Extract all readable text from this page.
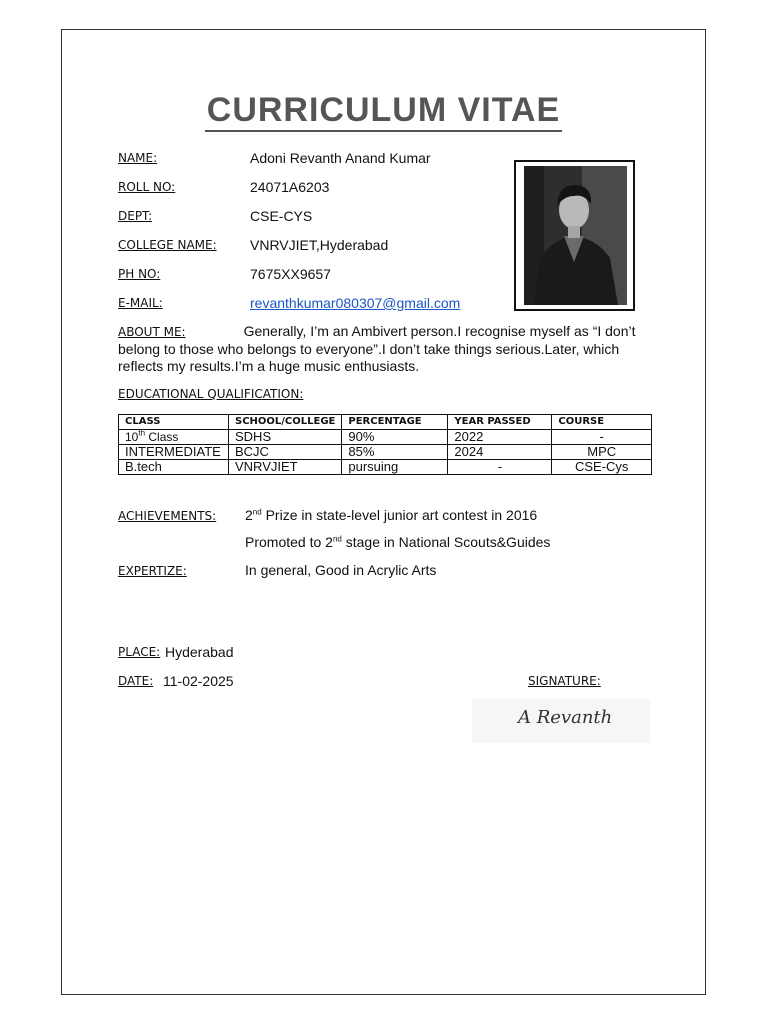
CURRICULUM VITAE
NAME:	Adoni Revanth Anand Kumar
ROLL NO:	24071A6203
DEPT:	CSE-CYS
COLLEGE NAME: VNRVJIET,Hyderabad
PH NO:	7675XX9657
E-MAIL:	revanthkumar080307@gmail.com
ABOUT ME:	Generally, I’m an Ambivert person.I recognise myself as “I don’t belong to those who belongs to everyone”.I don’t take things serious.Later, which reflects my results.I’m a huge music enthusiasts.
EDUCATIONAL QUALIFICATION:
CLASS	SCHOOL/COLLEGE	PERCENTAGE	YEAR PASSED	COURSE
10th Class	SDHS	90%	2022	-
INTERMEDIATE	BCJC	85%	2024	MPC
B.tech	VNRVJIET	pursuing	-	CSE-Cys
ACHIEVEMENTS: 2nd Prize in state-level junior art contest in 2016
Promoted to 2nd stage in National Scouts&Guides
EXPERTIZE:	In general, Good in Acrylic Arts
PLACE: Hyderabad
DATE: 11-02-2025	SIGNATURE:
A Revanth
